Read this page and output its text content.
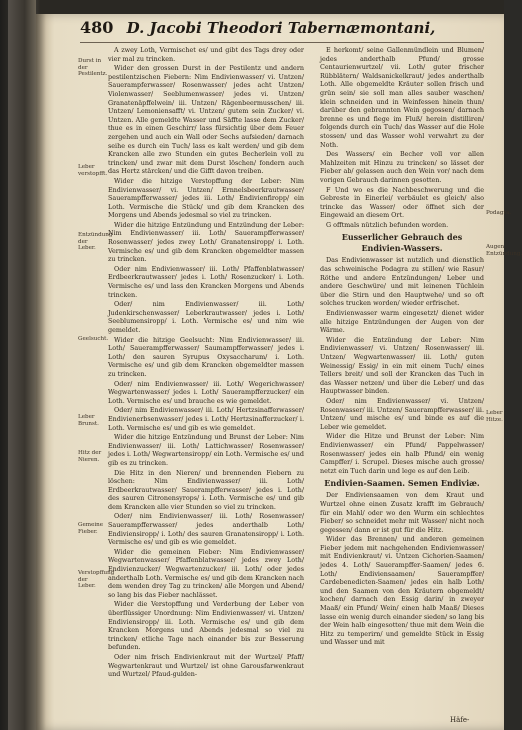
480 D. Jacobi Theodori Tabernæmontani,
Durst in der Pestilentz.
Leber verstopfft.
Entzündung der Leber.
Geelsucht.
Leber Brunst.
Hitz der Nieren.
Gemeine Fieber.
Verstopffung der Leber.
Podagra.
Augen Entzündung.
Leber Hitze.

A zwey Loth, Vermischet es/ und gibt des Tags drey oder vier mal zu trincken.

Wider den grossen Durst in der Pestilentz und andern pestilentzischen Fiebern: Nim Endivienwasser/ vi. Untzen/ Sauerampferwasser/ Rosenwasser/ jedes acht Untzen/ Violenwasser/ Seeblumenwasser/ jedes vi. Untzen/ Granatenäpffelwein/ iii. Untzen/ Rägenbeermusschen/ iii. Untzen/ Lemoniensafft/ vi. Untzen/ gutem sein Zucker/ vi. Untzen. Alle gemeldte Wasser und Säffte lasse dem Zucker/ thue es in einen Geschirr/ lass fürsichtig über dem Feuer zergehen und auch ein Wall oder Sechs aufsieden/ darnach seihe es durch ein Tuch/ lass es kalt werden/ und gib dem Krancken alle zwo Stunden ein gutes Becherlein voll zu trincken/ und zwar mit dem Durst löschen/ fondern auch das Hertz stärcken/ und die Gifft davon treiben.

Wider die hitzige Verstopffung der Leber: Nim Endivienwasser/ vi. Untzen/ Ernnelsbeerkrautwasser/ Sauerampfferwasser/ jedes iii. Loth/ Endivienfiropp/ ein Loth. Vermische die Stück/ und gib dem Krancken des Morgens und Abends jedesmal so viel zu trincken.

Wider die hitzige Entzündung und Entzündung der Leber: Nim Endivienwasser/ iii. Loth/ Sauerampfferwasser/ Rosenwasser/ jedes zwey Loth/ Granatensiropp/ i. Loth. Vermische es/ und gib dem Krancken obgemeldter massen zu trincken.

Oder nim Endivienwasser/ iii. Loth/ Pfaffenblatwasser/ Erdbeerkrautwasser/ jedes i. Loth/ Rosenzucker/ i. Loth. Vermische es/ und lass den Krancken Morgens und Abends trincken.

Oder/ nim Endivienwasser/ iii. Loth/ Judenkirschenwasser/ Leberkrautwasser/ jedes i. Loth/ Seeblumensiropp/ i. Loth. Vermische es/ und nim wie gemeldet.

Wider die hitzige Geelsucht: Nim Endivienwasser/ iii. Loth/ Sauerampfferwasser/ Saumampfferwasser/ jedes i. Loth/ den sauren Syrupus Oxysaccharum/ i. Loth. Vermische es/ und gib dem Krancken obgemeldter massen zu trincken.

Oder/ nim Endivienwasser/ iii. Loth/ Wegerichwasser/ Wegwartenwasser/ jedes i. Loth/ Sauerampfferzucker/ ein Loth. Vermische es/ und brauche es wie gemeldet.

Oder/ nim Endivienwasser/ iii. Loth/ Hertzsinafferwasser/ Endivienerbsenwasser/ jedes i. Loth/ Hertzsinafferzucker/ i. Loth. Vermische es/ und gib es wie gemeldet.

Wider die hitzige Entzündung und Brunst der Leber: Nim Endivienwasser/ iii. Loth/ Lattichwasser/ Rosenwasser/ jedes i. Loth/ Wegwartensiropp/ ein Loth. Vermische es/ und gib es zu trincken.

Die Hitz in den Nieren/ und brennenden Fiebern zu löschen: Nim Endivienwasser/ iii. Loth/ Erdbeerkrautwasser/ Sauerampfferwasser/ jedes i. Loth/ des sauren Citronensyrops/ i. Loth. Vermische es/ und gib dem Krancken alle vier Stunden so viel zu trincken.

Oder/ nim Endivienwasser/ iii. Loth/ Rosenwasser/ Sauerampfferwasser/ jedes anderthalb Loth/ Endiviensiropp/ i. Loth/ des sauren Granatensiropp/ i. Loth. Vermische es/ und gib es wie gemeldet.

Wider die gemeinen Fieber: Nim Endivienwasser/ Wegwartenwasser/ Pfaffenblatwasser/ jedes zwey Loth/ Endivienzucker/ Wegwartenzucker/ iii. Loth/ oder jedes anderthalb Loth. Vermische es/ und gib dem Krancken nach dem wenden drey Tag zu trincken/ alle Morgen und Abend/ so lang bis das Fieber nachlässet.

Wider die Verstopffung und Verderbung der Leber von überflüssiger Unordnung: Nim Endivienwasser/ vi. Untzen/ Endiviensiropp/ iii. Loth. Vermische es/ und gib dem Krancken Morgens und Abends jedesmal so viel zu trincken/ etliche Tage nach einander bis zur Besserung befunden.

Oder nim frisch Endivienkraut mit der Wurtzel/ Pfaff/ Wegwartenkraut und Wurtzel/ ist ohne Garousfarwenkraut und Wurtzel/ Pfaud-gulden-

E herkomt/ seine Gallenmündlein und Blumen/ jedes anderthalb Pfund/ grosse Centaurienwurtzel/ vii. Loth/ guter frischer Rübblätern/ Waldsanickelkraut/ jedes anderthalb Loth. Alle obgemeldte Kräuter sollen frisch und grün sein/ sie soll man alles sauber waschen/ klein schneiden und in Weinfessen hinein thun/ darüber den gebrannten Wein gegossen/ darnach brenne es und fiege im Fluß/ herein distilliren/ folgends durch ein Tuch/ das Wasser auf die Hole stossen/ und das Wasser wohl verwahrt zu der Noth.

Des Wassers/ ein Becher voll vor allen Mahlzeiten mit Hinzu zu trincken/ so lässet der Fieber ab/ gelassen auch den Wein vor/ nach dem vorigen Gebrauch darinnen gesotten.

F Und wo es die Nachbeschwerung und die Gebreste in Einerlei/ verbäulet es gleich/ also trincke das Wasser/ oder öffnet sich der Eingewaid an diesem Ort.

G offtmals nützlich befunden worden.

Eusserlicher Gebrauch des Endivien-Wassers.

Das Endivienwasser ist nutzlich und dienstlich das schweinische Podagra zu stillen/ wie Rasur/ Röthe und andere Entzündungen/ Leber und andere Geschwüre/ und mit leinenen Tüchlein über die Stirn und den Hauptwehe/ und so oft solches trucken worden/ wieder erfrischet.

Endivienwasser warm eingesetzt/ dienet wider alle hitzige Entzündungen der Augen von der Wärme.

Wider die Entzündung der Leber: Nim Endivienwasser/ vi. Untzen/ Rosenwasser/ iii. Untzen/ Wegwartenwasser/ iii. Loth/ guten Weinessig/ Essig/ in ein mit einem Tuch/ eines Tellers breit/ und soll der Krancken das Tuch in das Wasser netzen/ und über die Leber/ und das Hauptwasser binden.

Oder/ nim Endivienwasser/ vi. Untzen/ Rosenwasser/ iii. Untzen/ Sauerampfferwasser/ iii. Untzen/ und mische es/ und binde es auf die Leber wie gemeldet.

Wider die Hitze und Brunst der Leber: Nim Endivienwasser/ ein Pfund/ Pappelwasser/ Rosenwasser/ jedes ein halb Pfund/ ein wenig Campffer/ i. Scrupel. Dieses mische auch grosse/ netzt ein Tuch darin und lege es auf den Leib.

Endivien-Saamen. Semen Endiviæ.

Der Endiviensaamen von dem Kraut und Wurtzel ohne einen Zusatz krafft im Gebrauch/ für ein Mahl/ oder wo den Wurm ein schlechtes Fieber/ so schneidet mehr mit Wasser/ nicht noch gegessen/ dann er ist gut für die Hitz.

Wider das Brennen/ und anderen gemeinen Fieber jedem mit nachgehenden Endivienwasser/ mit Endivienkraut/ vi. Untzen Cichorien-Saamen/ jedes 4. Loth/ Sauerampffer-Saamen/ jedes 6. Loth/ Endiviensaamen/ Sauerampffer/ Cardebenedicten-Saamen/ jedes ein halb Loth/ und den Saamen von den Kräutern obgemeldt/ kochen/ darnach den Essig darin/ in zweyer Maaß/ ein Pfund/ Wein/ einen halb Maaß/ Dieses lasse ein wenig durch einander sieden/ so lang bis der Wein halb eingesotten/ thue mit dem Wein die Hitz zu temperirn/ und gemeldte Stück in Essig und Wasser und mit

Häfe-
